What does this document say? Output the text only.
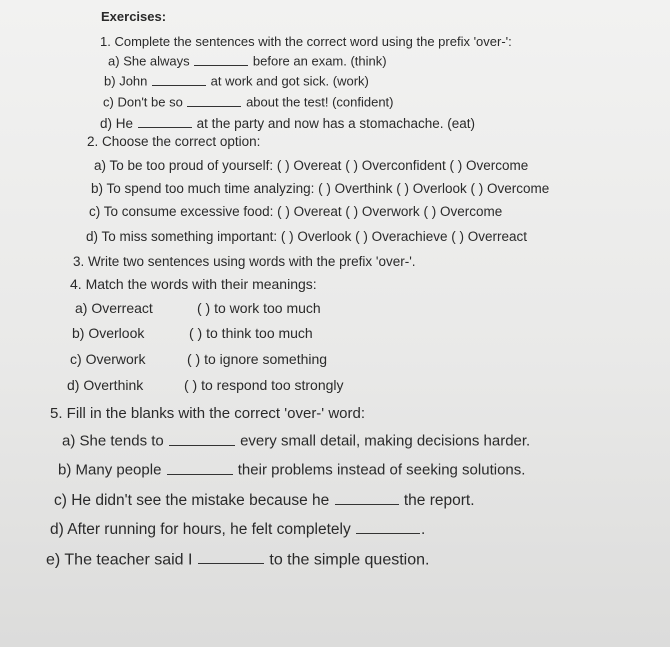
Exercises:
1. Complete the sentences with the correct word using the prefix 'over-':
a) She always	before an exam. (think)
b) John	at work and got sick. (work)
c) Don't be so	about the test! (confident)
d) He	at the party and now has a stomachache. (eat)
2. Choose the correct option:
a) To be too proud of yourself: ( ) Overeat ( ) Overconfident ( ) Overcome
b) To spend too much time analyzing: ( ) Overthink ( ) Overlook ( ) Overcome
c) To consume excessive food: ( ) Overeat ( ) Overwork ( ) Overcome
d) To miss something important: ( ) Overlook ( ) Overachieve ( ) Overreact
3. Write two sentences using words with the prefix 'over-'.
4. Match the words with their meanings:
a) Overreact	( ) to work too much
b) Overlook	( ) to think too much
c) Overwork	( ) to ignore something
d) Overthink	( ) to respond too strongly
5. Fill in the blanks with the correct 'over-' word:
a) She tends to	every small detail, making decisions harder.
b) Many people	their problems instead of seeking solutions.
c) He didn't see the mistake because he	the report.
d) After running for hours, he felt completely	.
e) The teacher said I	to the simple question.
